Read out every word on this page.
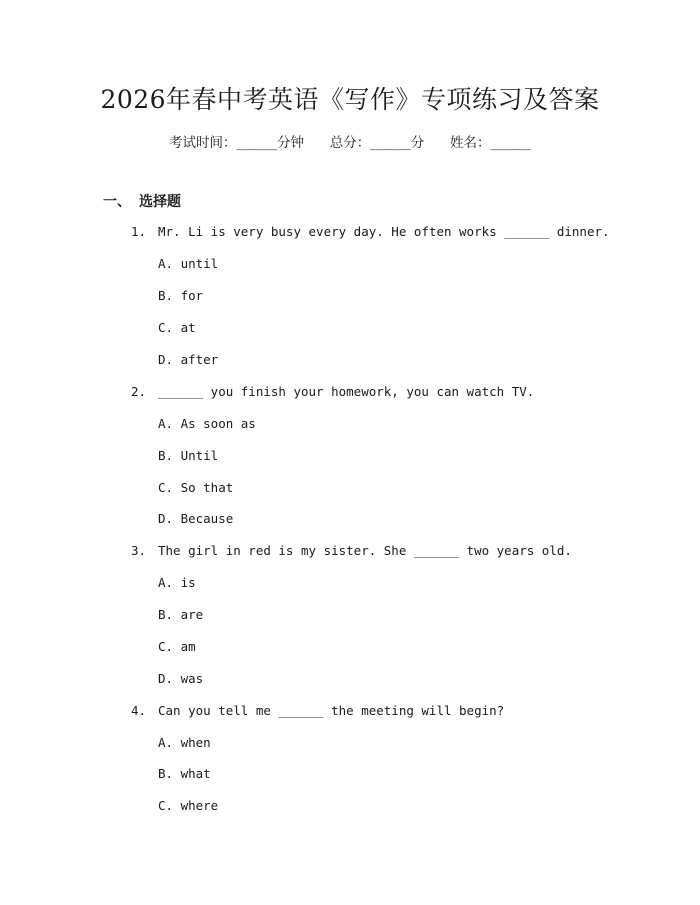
2026年春中考英语《写作》专项练习及答案
考试时间：______分钟      总分：______分      姓名：______
一、 选择题
1. Mr. Li is very busy every day. He often works ______ dinner.
A. until
B. for
C. at
D. after
2. ______ you finish your homework, you can watch TV.
A. As soon as
B. Until
C. So that
D. Because
3. The girl in red is my sister. She ______ two years old.
A. is
B. are
C. am
D. was
4. Can you tell me ______ the meeting will begin?
A. when
B. what
C. where
